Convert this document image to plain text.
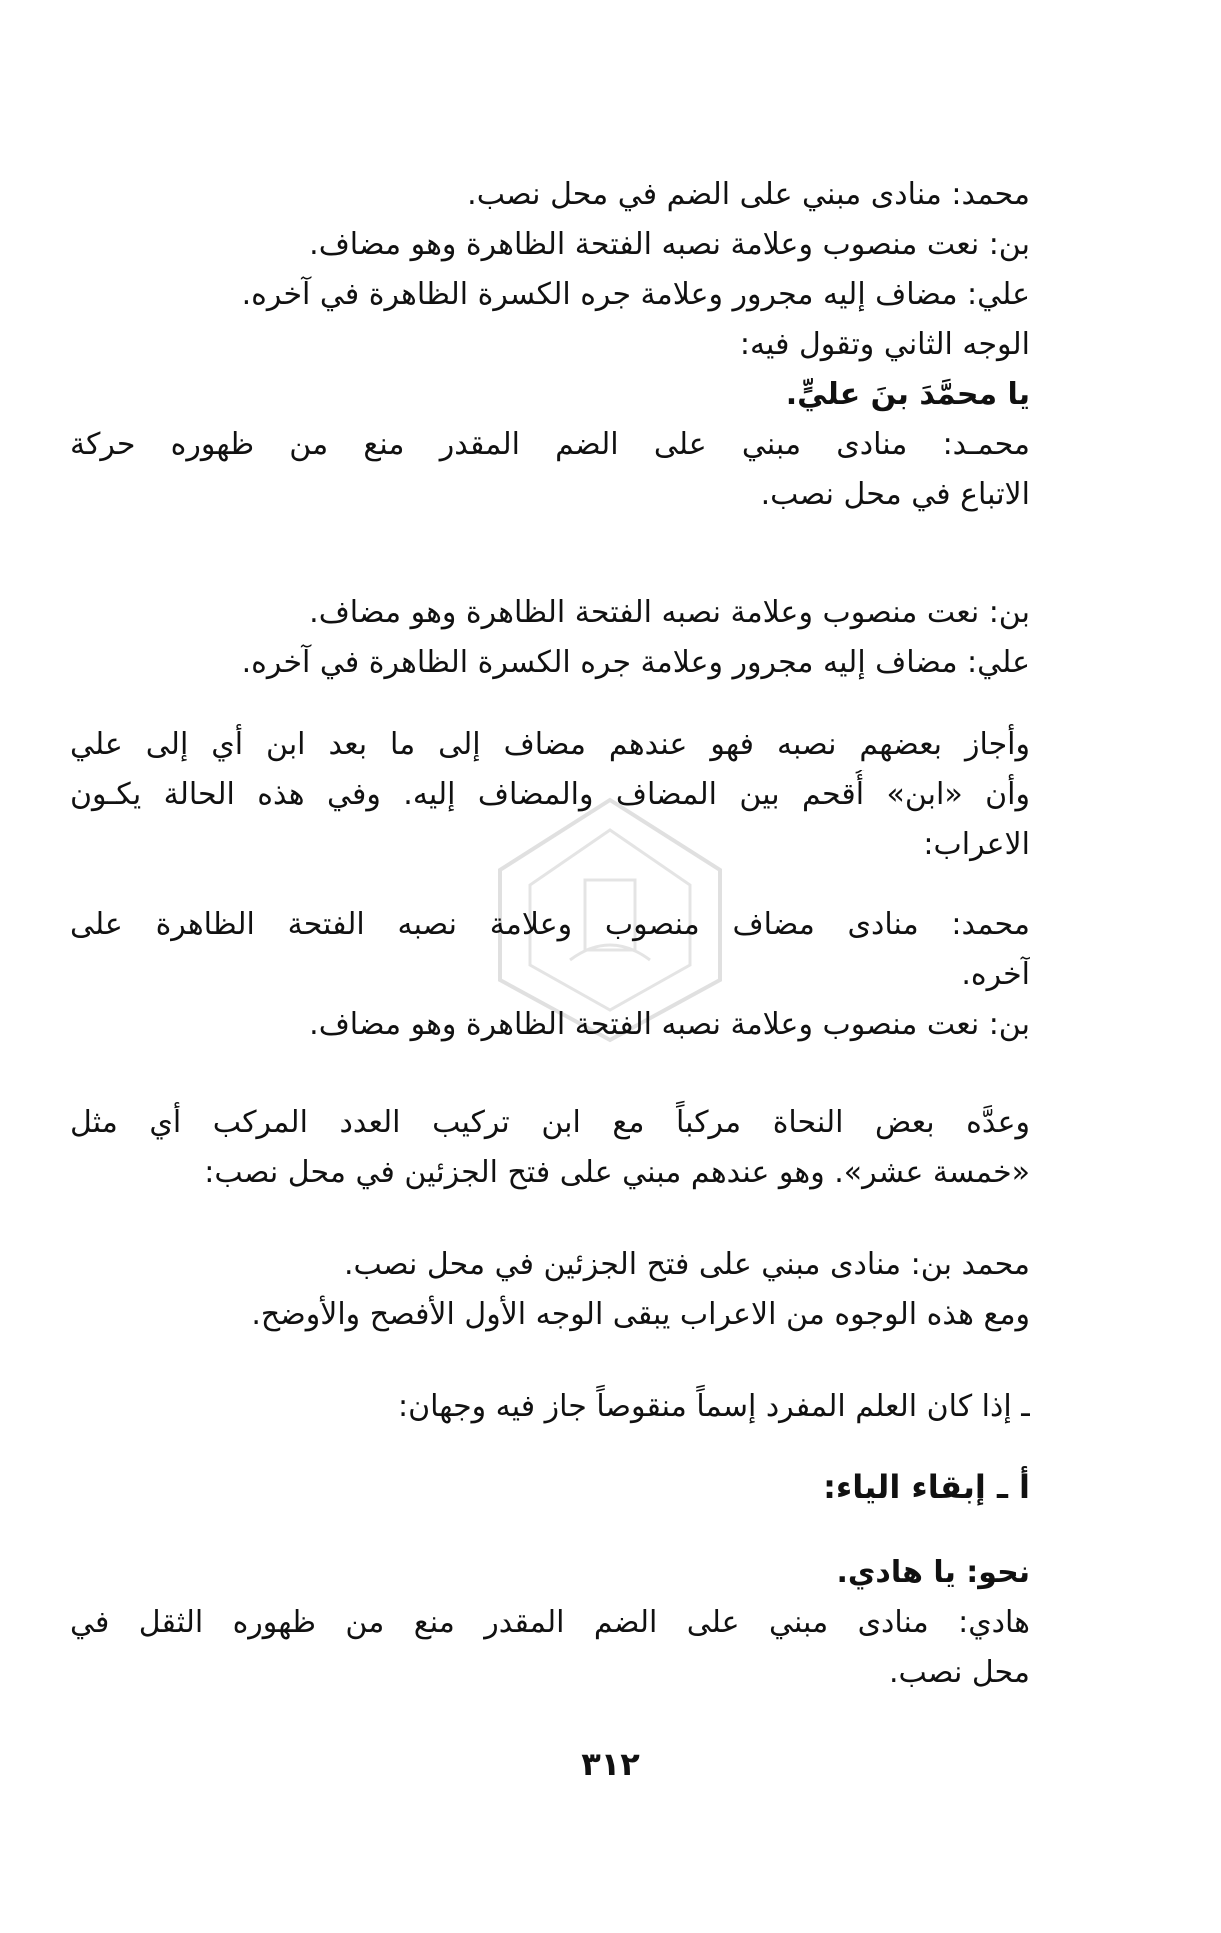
محمد: منادى مبني على الضم في محل نصب.
بن: نعت منصوب وعلامة نصبه الفتحة الظاهرة وهو مضاف.
علي: مضاف إليه مجرور وعلامة جره الكسرة الظاهرة في آخره.
الوجه الثاني وتقول فيه:
يا محمَّدَ بنَ عليٍّ.
محمـد: منادى مبني على الضم المقدر منع من ظهوره حركة
الاتباع في محل نصب.
بن: نعت منصوب وعلامة نصبه الفتحة الظاهرة وهو مضاف.
علي: مضاف إليه مجرور وعلامة جره الكسرة الظاهرة في آخره.
وأجاز بعضهم نصبه فهو عندهم مضاف إلى ما بعد ابن أي إلى علي
وأن «ابن» أُقحم بين المضاف والمضاف إليه. وفي هذه الحالة يكـون
الاعراب:
محمد: منادى مضاف منصوب وعلامة نصبه الفتحة الظاهرة على
آخره.
بن: نعت منصوب وعلامة نصبه الفتحة الظاهرة وهو مضاف.
وعدَّه بعض النحاة مركباً مع ابن تركيب العدد المركب أي مثل
«خمسة عشر». وهو عندهم مبني على فتح الجزئين في محل نصب:
محمد بن: منادى مبني على فتح الجزئين في محل نصب.
ومع هذه الوجوه من الاعراب يبقى الوجه الأول الأفصح والأوضح.
ـ إذا كان العلم المفرد إسماً منقوصاً جاز فيه وجهان:
أ ـ إبقاء الياء:
نحو: يا هادي.
هادي: منادى مبني على الضم المقدر منع من ظهوره الثقل في
محل نصب.
٣١٢
